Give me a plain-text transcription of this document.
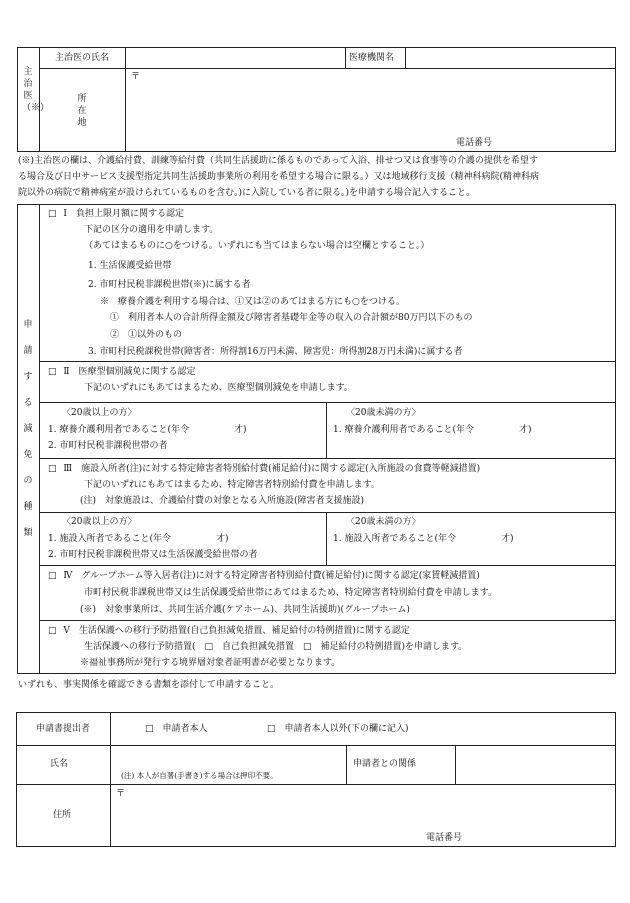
主治医（※）
主治医の氏名	医療機関名
所在地
〒
電話番号
(※)主治医の欄は、介護給付費、訓練等給付費（共同生活援助に係るものであって入浴、排せつ又は食事等の介護の提供を希望す
る場合及び日中サービス支援型指定共同生活援助事業所の利用を希望する場合に限る。）又は地域移行支援（精神科病院(精神科病
院以外の病院で精神病室が設けられているものを含む。)に入院している者に限る。)を申請する場合記入すること。
申請する減免の種類
□ Ⅰ　負担上限月額に関する認定
下記の区分の適用を申請します。
（あてはまるものに○をつける。いずれにも当てはまらない場合は空欄とすること。）
1. 生活保護受給世帯
2. 市町村民税非課税世帯(※)に属する者
※　療養介護を利用する場合は、①又は②のあてはまる方にも○をつける。
①　利用者本人の合計所得金額及び障害者基礎年金等の収入の合計額が80万円以下のもの
②　①以外のもの
3. 市町村民税課税世帯(障害者：所得割16万円未満、障害児：所得割28万円未満)に属する者
□ Ⅱ　医療型個別減免に関する認定
下記のいずれにもあてはまるため、医療型個別減免を申請します。
〈20歳以上の方〉
1. 療養介護利用者であること(年令　　　　　才)
2. 市町村民税非課税世帯の者
〈20歳未満の方〉
1. 療養介護利用者であること(年令　　　　　才)
□ Ⅲ　施設入所者(注)に対する特定障害者特別給付費(補足給付)に関する認定(入所施設の食費等軽減措置)
下記のいずれにもあてはまるため、特定障害者特別給付費を申請します。
(注)　対象施設は、介護給付費の対象となる入所施設(障害者支援施設)
〈20歳以上の方〉
1. 施設入所者であること(年令　　　　　才)
2. 市町村民税非課税世帯又は生活保護受給世帯の者
〈20歳未満の方〉
1. 施設入所者であること(年令　　　　　才)
□ Ⅳ　グループホーム等入居者(注)に対する特定障害者特別給付費(補足給付)に関する認定(家賃軽減措置)
市町村民税非課税世帯又は生活保護受給世帯にあてはまるため、特定障害者特別給付費を申請します。
(※)　対象事業所は、共同生活介護(ケアホーム)、共同生活援助)(グループホーム)
□ Ⅴ　生活保護への移行予防措置(自己負担減免措置、補足給付の特例措置)に関する認定
生活保護への移行予防措置(　□　自己負担減免措置　□　補足給付の特例措置)を申請します。
※福祉事務所が発行する境界層対象者証明書が必要となります。
いずれも、事実関係を確認できる書類を添付して申請すること。
申請書提出者	□　申請者本人	□　申請者本人以外(下の欄に記入)
氏名
(注) 本人が自署(手書き)する場合は押印不要。
申請者との関係
住所
〒
電話番号
